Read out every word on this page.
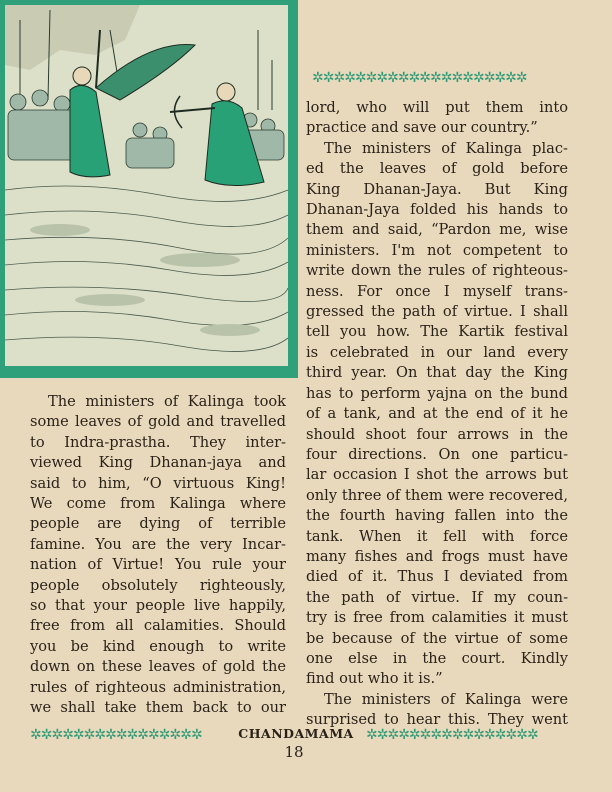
✲✲✲✲✲✲✲✲✲✲✲✲✲✲✲✲✲✲✲✲
The ministers of Kalinga took
some leaves of gold and travelled
to Indra-prastha. They inter-
viewed King Dhanan-jaya and
said to him, “O virtuous King!
We come from Kalinga where
people are dying of terrible
famine. You are the very Incar-
nation of Virtue! You rule your
people obsolutely righteously,
so that your people live happily,
free from all calamities. Should
you be kind enough to write
down on these leaves of gold the
rules of righteous administration,
we shall take them back to our
lord, who will put them into
practice and save our country.”
The ministers of Kalinga plac-
ed the leaves of gold before
King Dhanan-Jaya. But King
Dhanan-Jaya folded his hands to
them and said, “Pardon me, wise
ministers. I'm not competent to
write down the rules of righteous-
ness. For once I myself trans-
gressed the path of virtue. I shall
tell you how. The Kartik festival
is celebrated in our land every
third year. On that day the King
has to perform yajna on the bund
of a tank, and at the end of it he
should shoot four arrows in the
four directions. On one particu-
lar occasion I shot the arrows but
only three of them were recovered,
the fourth having fallen into the
tank. When it fell with force
many fishes and frogs must have
died of it. Thus I deviated from
the path of virtue. If my coun-
try is free from calamities it must
be because of the virtue of some
one else in the court. Kindly
find out who it is.”
The ministers of Kalinga were
surprised to hear this. They went
✲✲✲✲✲✲✲✲✲✲✲✲✲✲✲✲	CHANDAMAMA ✲✲✲✲✲✲✲✲✲✲✲✲✲✲✲✲
18
